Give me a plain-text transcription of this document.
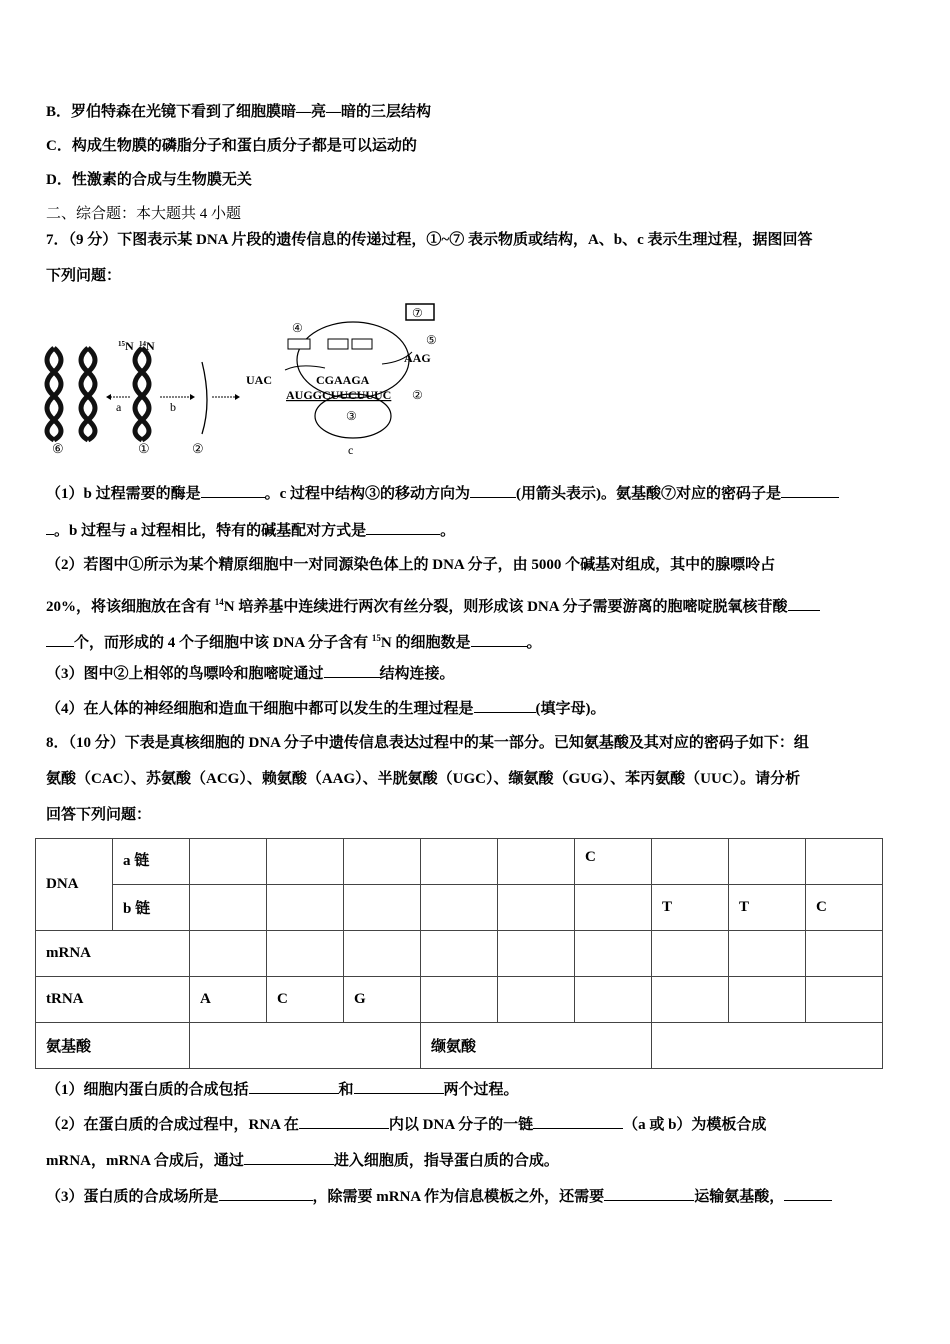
B．罗伯特森在光镜下看到了细胞膜暗—亮—暗的三层结构
C．构成生物膜的磷脂分子和蛋白质分子都是可以运动的
D．性激素的合成与生物膜无关
二、综合题：本大题共 4 小题
7．（9 分）下图表示某 DNA 片段的遗传信息的传递过程，①~⑦ 表示物质或结构，A、b、c 表示生理过程，据图回答
下列问题：
$^{15}$N $^{14}$N
a	b
⑥	①	②
⑦
④
⑤
UAC
AAG
CGAAGA
AUGGCUUCUUUC ②
③
c
（1）b 过程需要的酶是	。c 过程中结构③的移动方向为	(用箭头表示)。氨基酸⑦对应的密码子是
。b 过程与 a 过程相比，特有的碱基配对方式是	。
（2）若图中①所示为某个精原细胞中一对同源染色体上的 DNA 分子，由 5000 个碱基对组成，其中的腺嘌呤占
20%，将该细胞放在含有 $^{14}$N 培养基中连续进行两次有丝分裂，则形成该 DNA 分子需要游离的胞嘧啶脱氧核苷酸
个，而形成的 4 个子细胞中该 DNA 分子含有 $^{15}$N 的细胞数是	。
（3）图中②上相邻的鸟嘌呤和胞嘧啶通过	结构连接。
（4）在人体的神经细胞和造血干细胞中都可以发生的生理过程是	(填字母)。
8．（10 分）下表是真核细胞的 DNA 分子中遗传信息表达过程中的某一部分。已知氨基酸及其对应的密码子如下：组
氨酸（CAC）、苏氨酸（ACG）、赖氨酸（AAG）、半胱氨酸（UGC）、缬氨酸（GUG）、苯丙氨酸（UUC）。请分析
回答下列问题：
DNA	a 链						C			
	b 链							T	T	C
mRNA										
tRNA		A	C	G						
氨基酸					缬氨酸					
（1）细胞内蛋白质的合成包括	和	两个过程。
（2）在蛋白质的合成过程中，RNA 在	内以 DNA 分子的一链	（a 或 b）为模板合成
mRNA，mRNA 合成后，通过	进入细胞质，指导蛋白质的合成。
（3）蛋白质的合成场所是	，除需要 mRNA 作为信息模板之外，还需要	运输氨基酸，
